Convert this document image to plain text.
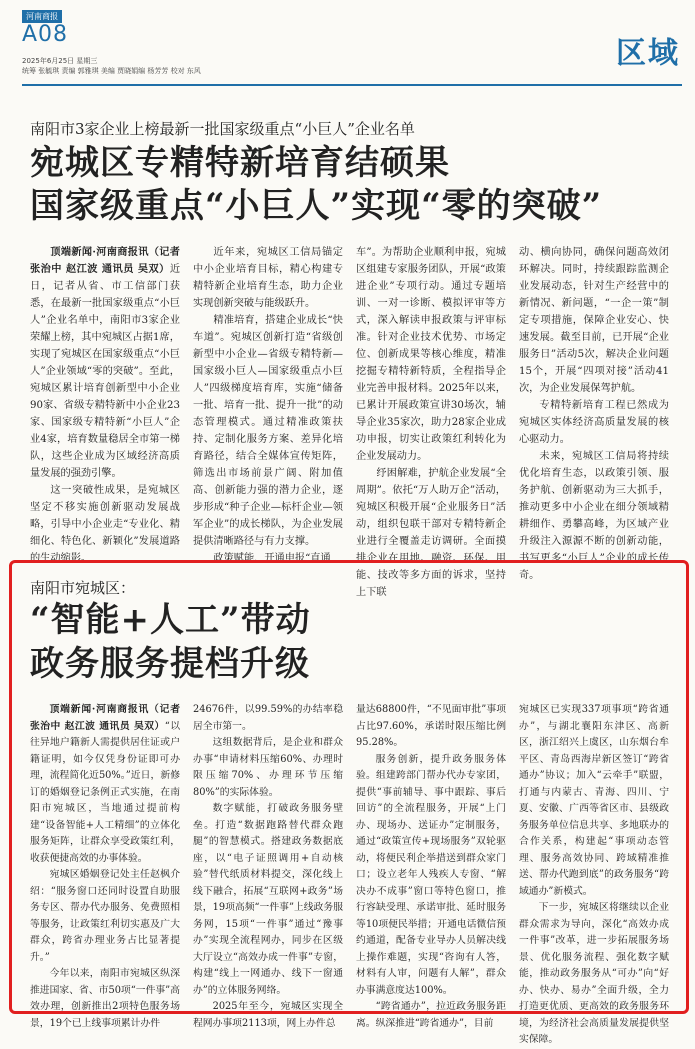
河南商报
A08
2025年6月25日 星期三
统筹 张毓琪 责编 郭雅琪 美编 贾晓娟编 杨芳芳 校对 东风	区域
南阳市3家企业上榜最新一批国家级重点“小巨人”企业名单
宛城区专精特新培育结硕果
国家级重点“小巨人”实现“零的突破”

顶端新闻·河南商报讯（记者 张治中 赵江波 通讯员 吴双）近日，记者从省、市工信部门获悉，在最新一批国家级重点“小巨人”企业名单中，南阳市3家企业荣耀上榜，其中宛城区占据1席，实现了宛城区在国家级重点“小巨人”企业领域“零的突破”。至此，宛城区累计培育创新型中小企业90家、省级专精特新中小企业23家、国家级专精特新“小巨人”企业4家，培育数量稳居全市第一梯队，这些企业成为区域经济高质量发展的强劲引擎。

这一突破性成果，是宛城区坚定不移实施创新驱动发展战略，引导中小企业走“专业化、精细化、特色化、新颖化”发展道路的生动缩影。

近年来，宛城区工信局锚定中小企业培育目标，精心构建专精特新企业培育生态，助力企业实现创新突破与能级跃升。

精准培育，搭建企业成长“快车道”。宛城区创新打造“省级创新型中小企业—省级专精特新—国家级小巨人—国家级重点小巨人”四级梯度培育库，实施“储备一批、培育一批、提升一批”的动态管理模式。通过精准政策扶持、定制化服务方案、差异化培育路径，结合全媒体宣传矩阵，筛选出市场前景广阔、附加值高、创新能力强的潜力企业，逐步形成“种子企业—标杆企业—领军企业”的成长梯队，为企业发展提供清晰路径与有力支撑。

政策赋能，开通申报“直通

车”。为帮助企业顺利申报，宛城区组建专家服务团队，开展“政策进企业”专项行动。通过专题培训、一对一诊断、模拟评审等方式，深入解读申报政策与评审标准。针对企业技术优势、市场定位、创新成果等核心维度，精准挖掘专精特新特质，全程指导企业完善申报材料。2025年以来，已累计开展政策宣讲30场次，辅导企业35家次，助力28家企业成功申报，切实让政策红利转化为企业发展动力。

纾困解难，护航企业发展“全周期”。依托“万人助万企”活动，宛城区积极开展“企业服务日”活动，组织包联干部对专精特新企业进行全覆盖走访调研。全面摸排企业在用地、融资、环保、用能、技改等多方面的诉求，坚持上下联

动、横向协同，确保问题高效闭环解决。同时，持续跟踪监测企业发展动态，针对生产经营中的新情况、新问题，“一企一策”制定专项措施，保障企业安心、快速发展。截至目前，已开展“企业服务日”活动5次，解决企业问题15个，开展“四项对接”活动41次，为企业发展保驾护航。

专精特新培育工程已然成为宛城区实体经济高质量发展的核心驱动力。

未来，宛城区工信局将持续优化培育生态，以政策引领、服务护航、创新驱动为三大抓手，推动更多中小企业在细分领域精耕细作、勇攀高峰，为区域产业升级注入源源不断的创新动能，书写更多“小巨人”企业的成长传奇。

南阳市宛城区：
“智能+人工”带动
政务服务提档升级

顶端新闻·河南商报讯（记者 张治中 赵江波 通讯员 吴双）“以往异地户籍新人需提供居住证或户籍证明，如今仅凭身份证即可办理，流程简化近50%。”近日，新修订的婚姻登记条例正式实施，在南阳市宛城区，当地通过提前构建“设备智能+人工精细”的立体化服务矩阵，让群众享受政策红利，收获便捷高效的办事体验。

宛城区婚姻登记处主任赵枫介绍：“服务窗口还同时设置自助服务专区、帮办代办服务、免费照相等服务，让政策红利切实惠及广大群众，跨省办理业务占比显著提升。”

今年以来，南阳市宛城区纵深推进国家、省、市50项“一件事”高效办理，创新推出2项特色服务场景，19个已上线事项累计办件

24676件，以99.59%的办结率稳居全市第一。

这组数据背后，是企业和群众办事“申请材料压缩60%、办理时限压缩70%、办理环节压缩80%”的实际体验。

数字赋能，打破政务服务壁垒。打造“数据跑路替代群众跑腿”的智慧模式。搭建政务数据底座，以“电子证照调用+自动核验”替代纸质材料提交，深化线上线下融合，拓展“互联网+政务”场景，19项高频“一件事”上线政务服务网，15项“一件事”通过“豫事办”实现全流程网办，同步在区级大厅设立“高效办成一件事”专窗，构建“线上一网通办、线下一窗通办”的立体服务网络。

2025年至今，宛城区实现全程网办事项2113项，网上办件总

量达68800件，“不见面审批”事项占比97.60%，承诺时限压缩比例95.28%。

服务创新，提升政务服务体验。组建跨部门帮办代办专家团，提供“事前辅导、事中跟踪、事后回访”的全流程服务，开展“上门办、现场办、送证办”定制服务，通过“政策宣传+现场服务”双轮驱动，将便民利企举措送到群众家门口；设立老年人残疾人专窗、“解决办不成事”窗口等特色窗口，推行容缺受理、承诺审批、延时服务等10项便民举措；开通电话微信预约通道，配备专业导办人员解决线上操作难题，实现“咨询有人答，材料有人审，问题有人解”，群众办事满意度达100%。

“跨省通办”，拉近政务服务距离。纵深推进“跨省通办”，目前

宛城区已实现337项事项“跨省通办”，与湖北襄阳东津区、高新区，浙江绍兴上虞区，山东烟台牟平区、青岛西海岸新区签订“跨省通办”协议；加入“云牵手”联盟，打通与内蒙古、青海、四川、宁夏、安徽、广西等省区市、县级政务服务单位信息共享、多地联办的合作关系，构建起“事项动态管理、服务高效协同、跨域精准推送、帮办代跑到底”的政务服务“跨域通办”新模式。

下一步，宛城区将继续以企业群众需求为导向，深化“高效办成一件事”改革，进一步拓展服务场景、优化服务流程、强化数字赋能，推动政务服务从“可办”向“好办、快办、易办”全面升级，全力打造更优质、更高效的政务服务环境，为经济社会高质量发展提供坚实保障。
